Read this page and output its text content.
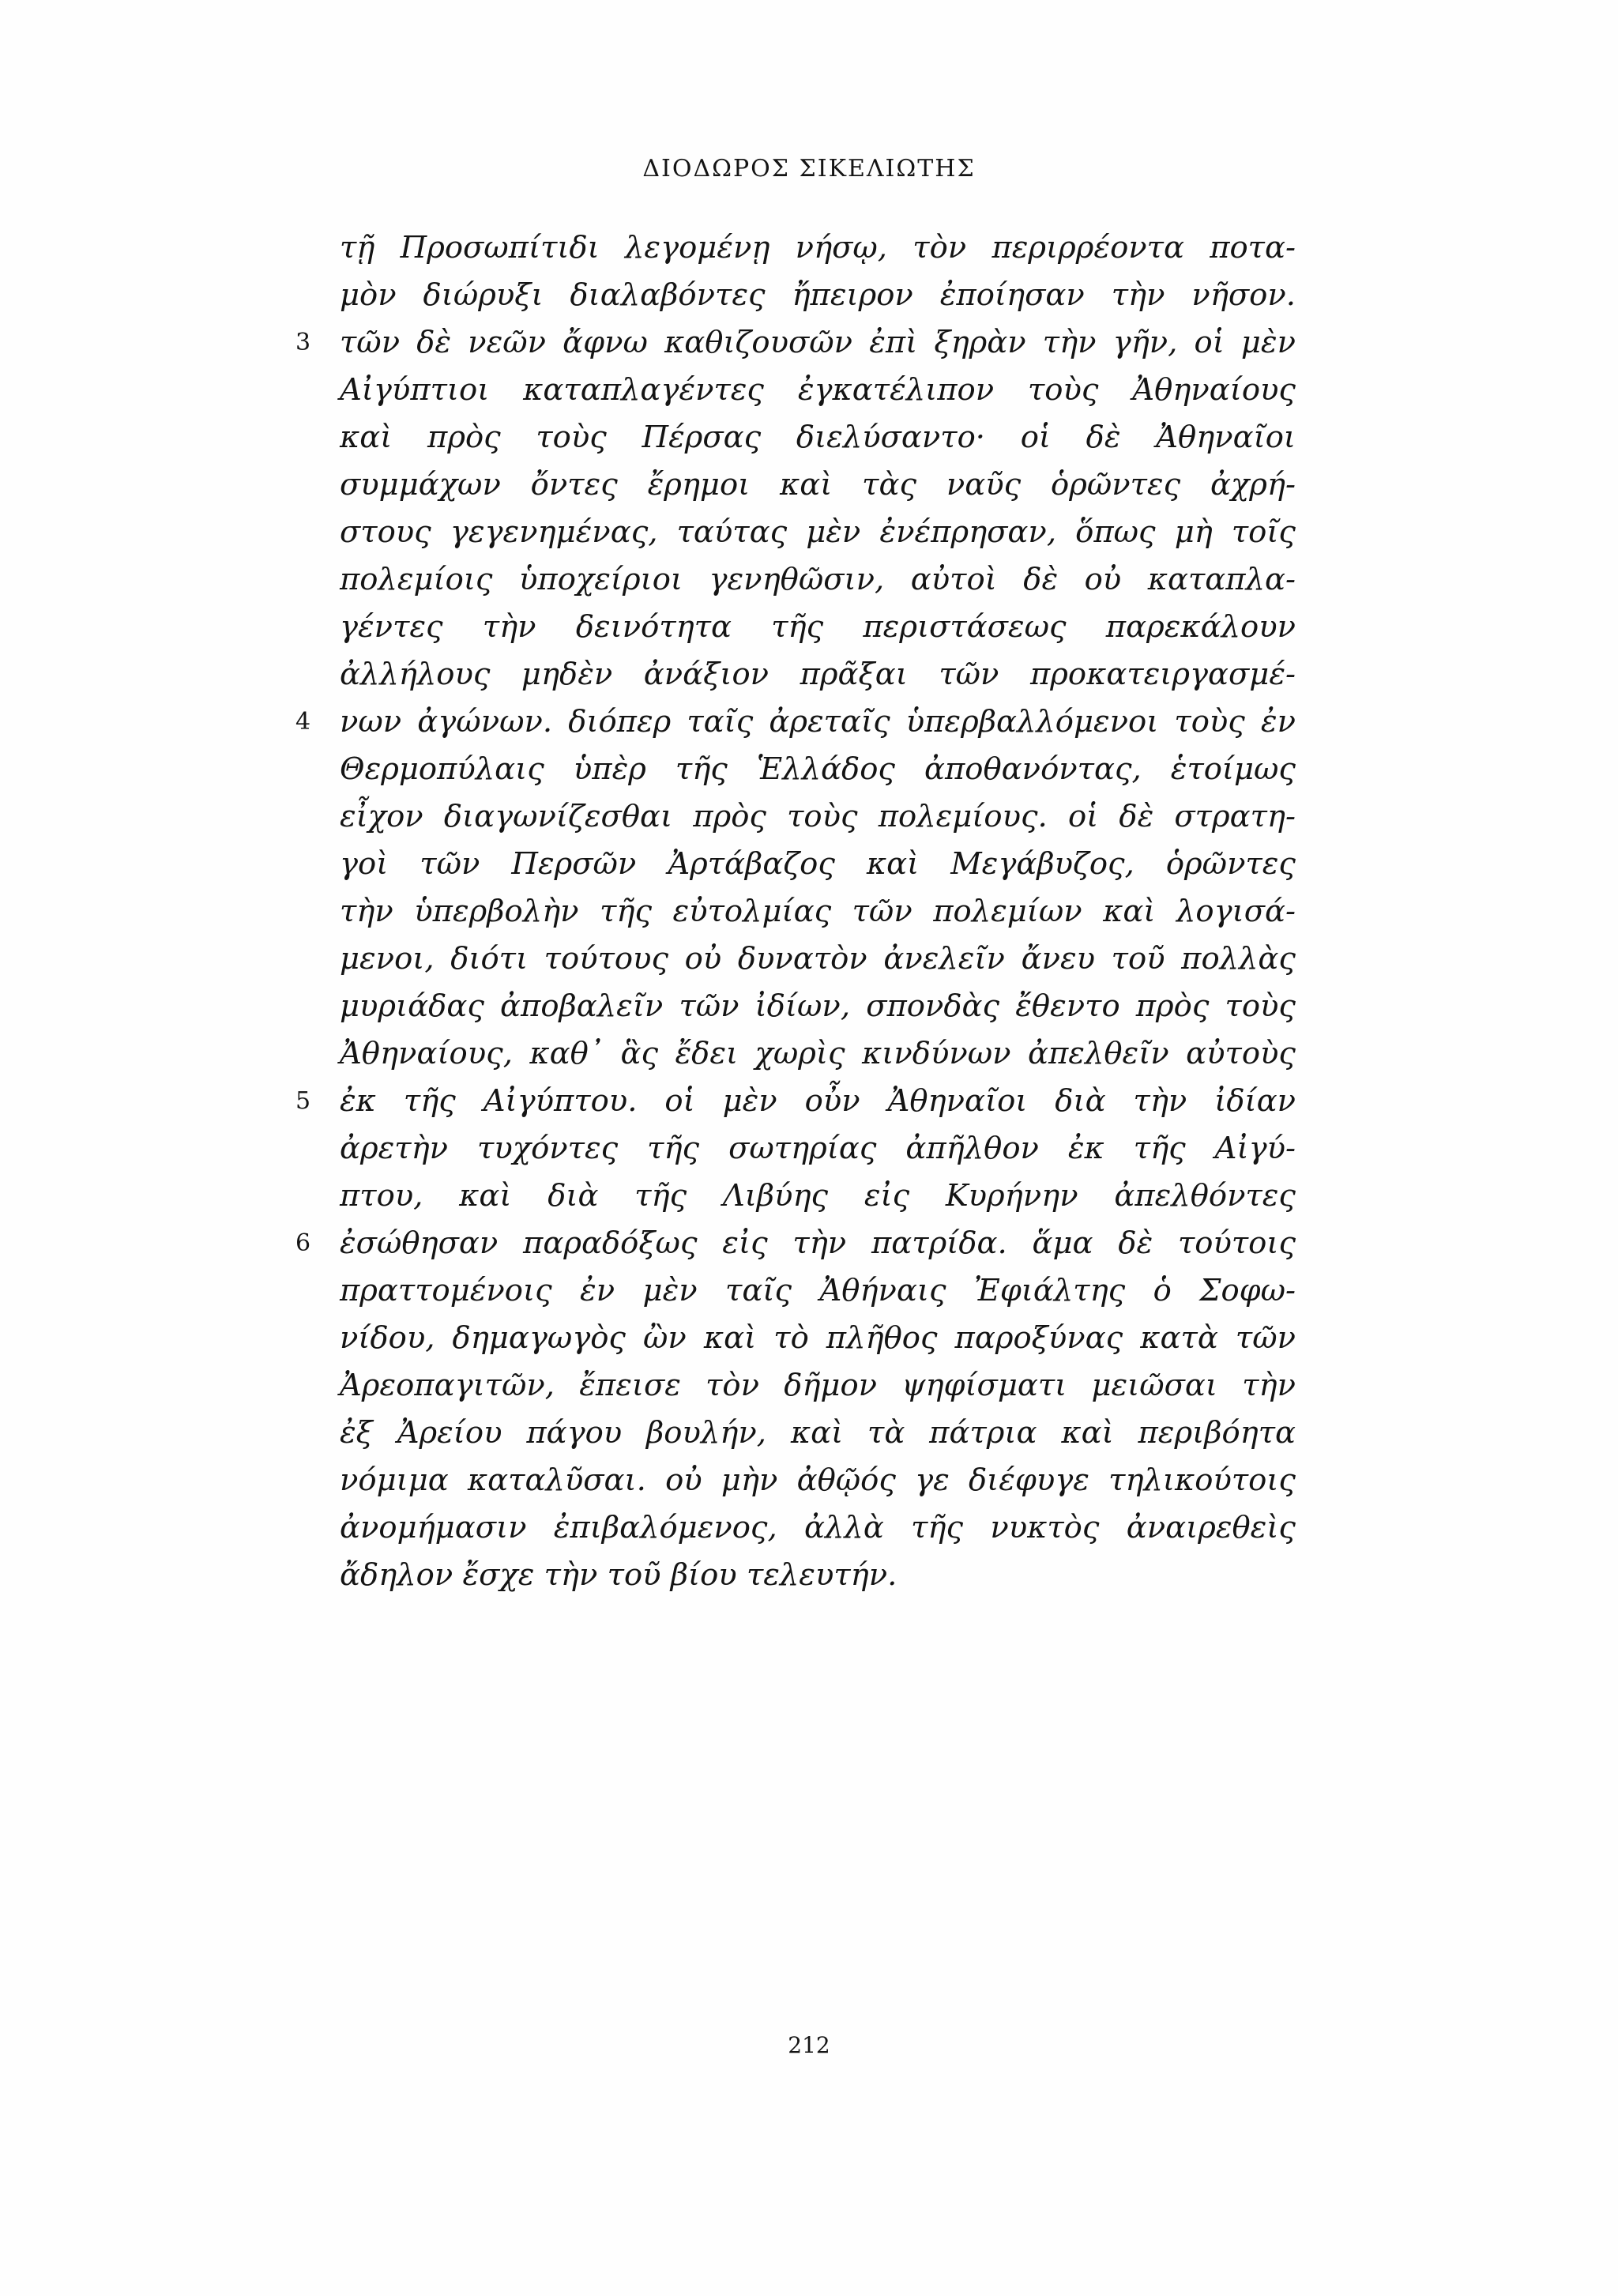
ΔΙΟΔΩΡΟΣ ΣΙΚΕΛΙΩΤΗΣ
τῇ Προσωπίτιδι λεγομένῃ νήσῳ, τὸν περιρρέοντα ποτα-
μὸν διώρυξι διαλαβόντες ἤπειρον ἐποίησαν τὴν νῆσον.
3 τῶν δὲ νεῶν ἄφνω καθιζουσῶν ἐπὶ ξηρὰν τὴν γῆν, οἱ μὲν
Αἰγύπτιοι καταπλαγέντες ἐγκατέλιπον τοὺς Ἀθηναίους
καὶ πρὸς τοὺς Πέρσας διελύσαντο· οἱ δὲ Ἀθηναῖοι
συμμάχων ὄντες ἔρημοι καὶ τὰς ναῦς ὁρῶντες ἀχρή-
στους γεγενημένας, ταύτας μὲν ἐνέπρησαν, ὅπως μὴ τοῖς
πολεμίοις ὑποχείριοι γενηθῶσιν, αὐτοὶ δὲ οὐ καταπλα-
γέντες τὴν δεινότητα τῆς περιστάσεως παρεκάλουν
ἀλλήλους μηδὲν ἀνάξιον πρᾶξαι τῶν προκατειργασμέ-
4 νων ἀγώνων. διόπερ ταῖς ἀρεταῖς ὑπερβαλλόμενοι τοὺς ἐν
Θερμοπύλαις ὑπὲρ τῆς Ἑλλάδος ἀποθανόντας, ἑτοίμως
εἶχον διαγωνίζεσθαι πρὸς τοὺς πολεμίους. οἱ δὲ στρατη-
γοὶ τῶν Περσῶν Ἀρτάβαζος καὶ Μεγάβυζος, ὁρῶντες
τὴν ὑπερβολὴν τῆς εὐτολμίας τῶν πολεμίων καὶ λογισά-
μενοι, διότι τούτους οὐ δυνατὸν ἀνελεῖν ἄνευ τοῦ πολλὰς
μυριάδας ἀποβαλεῖν τῶν ἰδίων, σπονδὰς ἔθεντο πρὸς τοὺς
Ἀθηναίους, καθ᾽ ἃς ἔδει χωρὶς κινδύνων ἀπελθεῖν αὐτοὺς
5 ἐκ τῆς Αἰγύπτου. οἱ μὲν οὖν Ἀθηναῖοι διὰ τὴν ἰδίαν
ἀρετὴν τυχόντες τῆς σωτηρίας ἀπῆλθον ἐκ τῆς Αἰγύ-
πτου, καὶ διὰ τῆς Λιβύης εἰς Κυρήνην ἀπελθόντες
6 ἐσώθησαν παραδόξως εἰς τὴν πατρίδα. ἅμα δὲ τούτοις
πραττομένοις ἐν μὲν ταῖς Ἀθήναις Ἐφιάλτης ὁ Σοφω-
νίδου, δημαγωγὸς ὢν καὶ τὸ πλῆθος παροξύνας κατὰ τῶν
Ἀρεοπαγιτῶν, ἔπεισε τὸν δῆμον ψηφίσματι μειῶσαι τὴν
ἐξ Ἀρείου πάγου βουλήν, καὶ τὰ πάτρια καὶ περιβόητα
νόμιμα καταλῦσαι. οὐ μὴν ἀθῷός γε διέφυγε τηλικούτοις
ἀνομήμασιν ἐπιβαλόμενος, ἀλλὰ τῆς νυκτὸς ἀναιρεθεὶς
ἄδηλον ἔσχε τὴν τοῦ βίου τελευτήν.
212
